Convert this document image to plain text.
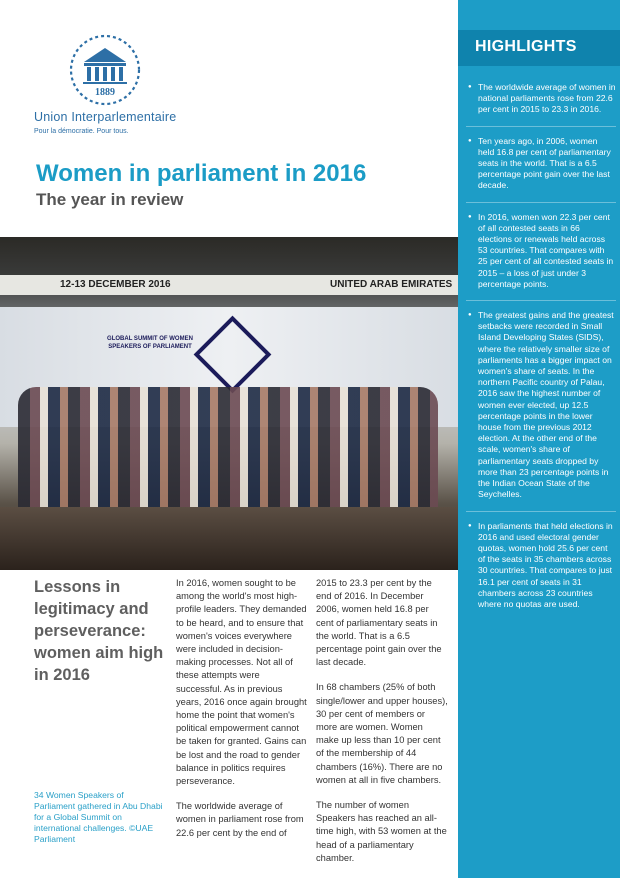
1889
Union Interparlementaire
Pour la démocratie. Pour tous.
Women in parliament in 2016
The year in review
12-13 DECEMBER 2016	UNITED ARAB EMIRATES
GLOBAL SUMMIT OF WOMEN SPEAKERS OF PARLIAMENT
Lessons in legitimacy and perseverance: women aim high in 2016
34 Women Speakers of Parliament gathered in Abu Dhabi for a Global Summit on international challenges. ©UAE Parliament

In 2016, women sought to be among the world's most high-profile leaders. They demanded to be heard, and to ensure that women's voices everywhere were included in decision-making processes. Not all of these attempts were successful. As in previous years, 2016 once again brought home the point that women's political empowerment cannot be taken for granted. Gains can be lost and the road to gender balance in politics requires perseverance.

The worldwide average of women in parliament rose from 22.6 per cent by the end of

2015 to 23.3 per cent by the end of 2016. In December 2006, women held 16.8 per cent of parliamentary seats in the world. That is a 6.5 percentage point gain over the last decade.

In 68 chambers (25% of both single/lower and upper houses), 30 per cent of members or more are women. Women make up less than 10 per cent of the membership of 44 chambers (16%). There are no women at all in five chambers.

The number of women Speakers has reached an all-time high, with 53 women at the head of a parliamentary chamber.

HIGHLIGHTS
● The worldwide average of women in national parliaments rose from 22.6 per cent in 2015 to 23.3 in 2016.
● Ten years ago, in 2006, women held 16.8 per cent of parliamentary seats in the world. That is a 6.5 percentage point gain over the last decade.
● In 2016, women won 22.3 per cent of all contested seats in 66 elections or renewals held across 53 countries. That compares with 25 per cent of all contested seats in 2015 – a loss of just under 3 percentage points.
● The greatest gains and the greatest setbacks were recorded in Small Island Developing States (SIDS), where the relatively smaller size of parliaments has a bigger impact on women's share of seats. In the northern Pacific country of Palau, 2016 saw the highest number of women ever elected, up 12.5 percentage points in the lower house from the previous 2012 election. At the other end of the scale, women's share of parliamentary seats dropped by more than 23 percentage points in the Indian Ocean State of the Seychelles.
● In parliaments that held elections in 2016 and used electoral gender quotas, women hold 25.6 per cent of the seats in 35 chambers across 30 countries. That compares to just 16.1 per cent of seats in 31 chambers across 23 countries where no quotas are used.
